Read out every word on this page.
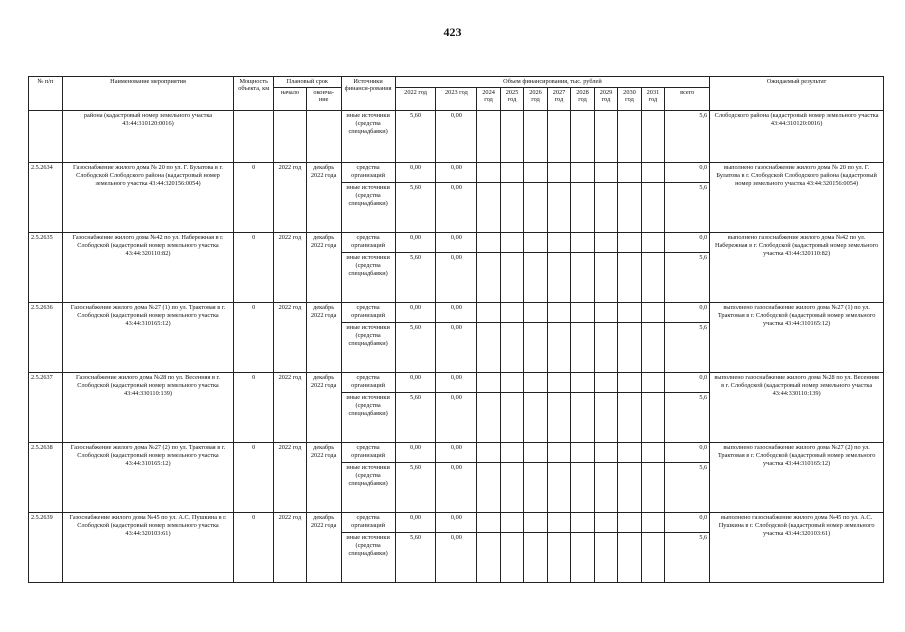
423
№ п/п	Наименование мероприятия	Мощность объекта, км	Плановый срок		Источники финанси-рования	Объем финансирования, тыс. рублей											Ожидаемый результат
			начало	оконча-ние		2022 год	2023 год	2024 год	2025 год	2026 год	2027 год	2028 год	2029 год	2030 год	2031 год	всего	
	района (кадастровый номер земельного участка 43:44:310120:0016)				иные источники (средства спецнадбавки)	5,60	0,00									5,6	Слободского района (кадастровый номер земельного участка 43:44:310120:0016)
2.5.2634	Газоснабжение жилого дома № 20 по ул. Г. Булатова в г. Слободской Слободского района (кадастровый номер земельного участка 43:44:320156:0054)	0	2022 год	декабрь 2022 года	средства организаций	0,00	0,00									0,0	выполнено газоснабжение жилого дома № 20 по ул. Г. Булатова в г. Слободской Слободского района (кадастровый номер земельного участка 43:44:320156:0054)
					иные источники (средства спецнадбавки)	5,60	0,00									5,6	
2.5.2635	Газоснабжение жилого дома №42 по ул. Набережная в г. Слободской (кадастровый номер земельного участка 43:44:320110:82)	0	2022 год	декабрь 2022 года	средства организаций	0,00	0,00									0,0	выполнено газоснабжение жилого дома №42 по ул. Набережная в г. Слободской (кадастровый номер земельного участка 43:44:320110:82)
					иные источники (средства спецнадбавки)	5,60	0,00									5,6	
2.5.2636	Газоснабжение жилого дома №27 (1) по ул. Трактовая в г. Слободской (кадастровый номер земельного участка 43:44:310165:12)	0	2022 год	декабрь 2022 года	средства организаций	0,00	0,00									0,0	выполнено газоснабжение жилого дома №27 (1) по ул. Трактовая в г. Слободской (кадастровый номер земельного участка 43:44:310165:12)
					иные источники (средства спецнадбавки)	5,60	0,00									5,6	
2.5.2637	Газоснабжение жилого дома №28 по ул. Весенняя в г. Слободской (кадастровый номер земельного участка 43:44:330110:139)	0	2022 год	декабрь 2022 года	средства организаций	0,00	0,00									0,0	выполнено газоснабжение жилого дома №28 по ул. Весенняя в г. Слободской (кадастровый номер земельного участка 43:44:330110:139)
					иные источники (средства спецнадбавки)	5,60	0,00									5,6	
2.5.2638	Газоснабжение жилого дома №27 (2) по ул. Трактовая в г. Слободской (кадастровый номер земельного участка 43:44:310165:12)	0	2022 год	декабрь 2022 года	средства организаций	0,00	0,00									0,0	выполнено газоснабжение жилого дома №27 (2) по ул. Трактовая в г. Слободской (кадастровый номер земельного участка 43:44:310165:12)
					иные источники (средства спецнадбавки)	5,60	0,00									5,6	
2.5.2639	Газоснабжение жилого дома №45 по ул. А.С. Пушкина в г. Слободской (кадастровый номер земельного участка 43:44:320103:61)	0	2022 год	декабрь 2022 года	средства организаций	0,00	0,00									0,0	выполнено газоснабжение жилого дома №45 по ул. А.С. Пушкина в г. Слободской (кадастровый номер земельного участка 43:44:320103:61)
					иные источники (средства спецнадбавки)	5,60	0,00									5,6	
